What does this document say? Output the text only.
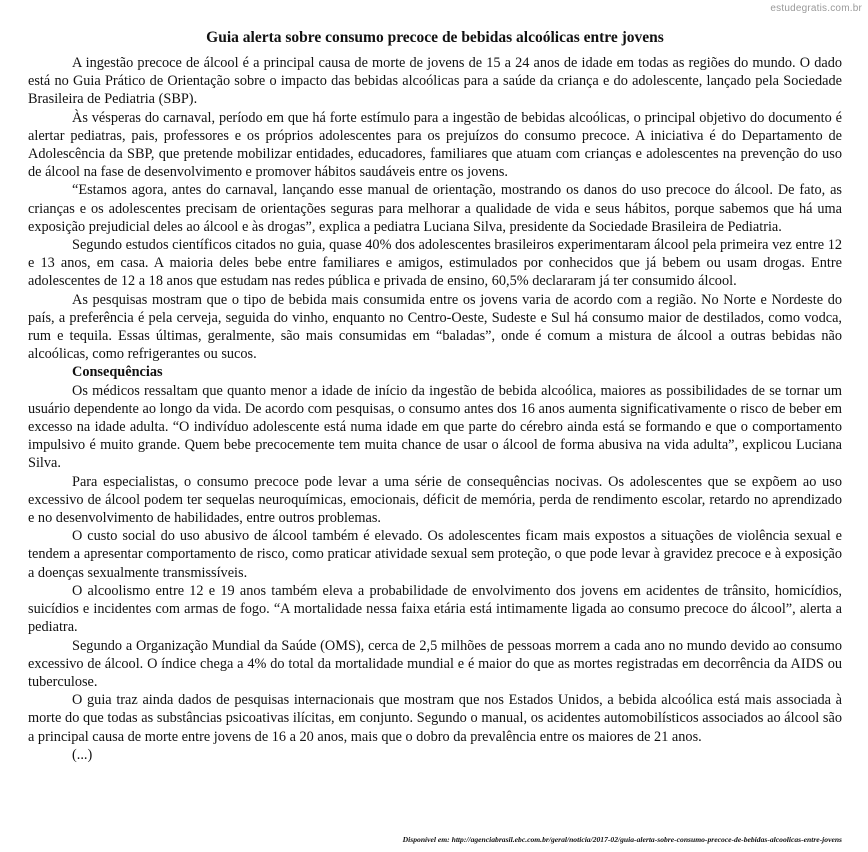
estudegratis.com.br
Guia alerta sobre consumo precoce de bebidas alcoólicas entre jovens

A ingestão precoce de álcool é a principal causa de morte de jovens de 15 a 24 anos de idade em todas as regiões do mundo. O dado está no Guia Prático de Orientação sobre o impacto das bebidas alcoólicas para a saúde da criança e do adolescente, lançado pela Sociedade Brasileira de Pediatria (SBP).

Às vésperas do carnaval, período em que há forte estímulo para a ingestão de bebidas alcoólicas, o principal objetivo do documento é alertar pediatras, pais, professores e os próprios adolescentes para os prejuízos do consumo precoce. A iniciativa é do Departamento de Adolescência da SBP, que pretende mobilizar entidades, educadores, familiares que atuam com crianças e adolescentes na prevenção do uso de álcool na fase de desenvolvimento e promover hábitos saudáveis entre os jovens.

“Estamos agora, antes do carnaval, lançando esse manual de orientação, mostrando os danos do uso precoce do álcool. De fato, as crianças e os adolescentes precisam de orientações seguras para melhorar a qualidade de vida e seus hábitos, porque sabemos que há uma exposição prejudicial deles ao álcool e às drogas”, explica a pediatra Luciana Silva, presidente da Sociedade Brasileira de Pediatria.

Segundo estudos científicos citados no guia, quase 40% dos adolescentes brasileiros experimentaram álcool pela primeira vez entre 12 e 13 anos, em casa. A maioria deles bebe entre familiares e amigos, estimulados por conhecidos que já bebem ou usam drogas. Entre adolescentes de 12 a 18 anos que estudam nas redes pública e privada de ensino, 60,5% declararam já ter consumido álcool.

As pesquisas mostram que o tipo de bebida mais consumida entre os jovens varia de acordo com a região. No Norte e Nordeste do país, a preferência é pela cerveja, seguida do vinho, enquanto no Centro-Oeste, Sudeste e Sul há consumo maior de destilados, como vodca, rum e tequila. Essas últimas, geralmente, são mais consumidas em “baladas”, onde é comum a mistura de álcool a outras bebidas não alcoólicas, como refrigerantes ou sucos.

Consequências

Os médicos ressaltam que quanto menor a idade de início da ingestão de bebida alcoólica, maiores as possibilidades de se tornar um usuário dependente ao longo da vida. De acordo com pesquisas, o consumo antes dos 16 anos aumenta significativamente o risco de beber em excesso na idade adulta. “O indivíduo adolescente está numa idade em que parte do cérebro ainda está se formando e que o comportamento impulsivo é muito grande. Quem bebe precocemente tem muita chance de usar o álcool de forma abusiva na vida adulta”, explicou Luciana Silva.

Para especialistas, o consumo precoce pode levar a uma série de consequências nocivas. Os adolescentes que se expõem ao uso excessivo de álcool podem ter sequelas neuroquímicas, emocionais, déficit de memória, perda de rendimento escolar, retardo no aprendizado e no desenvolvimento de habilidades, entre outros problemas.

O custo social do uso abusivo de álcool também é elevado. Os adolescentes ficam mais expostos a situações de violência sexual e tendem a apresentar comportamento de risco, como praticar atividade sexual sem proteção, o que pode levar à gravidez precoce e à exposição a doenças sexualmente transmissíveis.

O alcoolismo entre 12 e 19 anos também eleva a probabilidade de envolvimento dos jovens em acidentes de trânsito, homicídios, suicídios e incidentes com armas de fogo. “A mortalidade nessa faixa etária está intimamente ligada ao consumo precoce do álcool”, alerta a pediatra.

Segundo a Organização Mundial da Saúde (OMS), cerca de 2,5 milhões de pessoas morrem a cada ano no mundo devido ao consumo excessivo de álcool. O índice chega a 4% do total da mortalidade mundial e é maior do que as mortes registradas em decorrência da AIDS ou tuberculose.

O guia traz ainda dados de pesquisas internacionais que mostram que nos Estados Unidos, a bebida alcoólica está mais associada à morte do que todas as substâncias psicoativas ilícitas, em conjunto. Segundo o manual, os acidentes automobilísticos associados ao álcool são a principal causa de morte entre jovens de 16 a 20 anos, mais que o dobro da prevalência entre os maiores de 21 anos.

(...)
Disponível em: http://agenciabrasil.ebc.com.br/geral/noticia/2017-02/guia-alerta-sobre-consumo-precoce-de-bebidas-alcoolicas-entre-jovens
